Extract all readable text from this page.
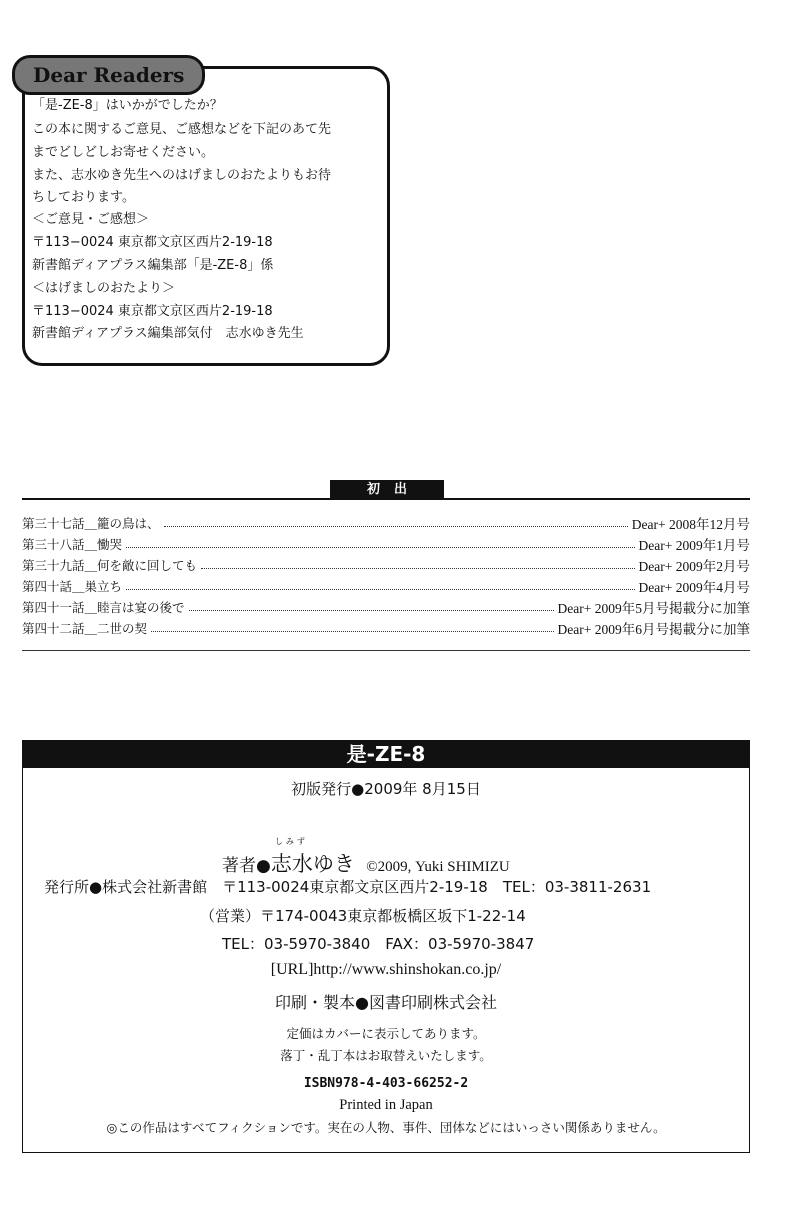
Dear Readers
「是-ZE-8」はいかがでしたか？
この本に関するご意見、ご感想などを下記のあて先
までどしどしお寄せください。
また、志水ゆき先生へのはげましのおたよりもお待
ちしております。
＜ご意見・ご感想＞
〒113−0024 東京都文京区西片2-19-18
新書館ディアプラス編集部「是-ZE-8」係
＜はげましのおたより＞
〒113−0024 東京都文京区西片2-19-18
新書館ディアプラス編集部気付　志水ゆき先生
初出
第三十七話＿籠の鳥は、	Dear+ 2008年12月号
第三十八話＿慟哭	Dear+ 2009年1月号
第三十九話＿何を敵に回しても	Dear+ 2009年2月号
第四十話＿巣立ち	Dear+ 2009年4月号
第四十一話＿睦言は宴の後で	Dear+ 2009年5月号掲載分に加筆
第四十二話＿二世の契	Dear+ 2009年6月号掲載分に加筆
是-ZE-8
初版発行●2009年 8月15日
著者●
しみず
志水ゆき ©2009, Yuki SHIMIZU
発行所●株式会社新書館　〒113-0024東京都文京区西片2-19-18　TEL：03-3811-2631
（営業）〒174-0043東京都板橋区坂下1-22-14
TEL：03-5970-3840　FAX：03-5970-3847
[URL]http://www.shinshokan.co.jp/
印刷・製本●図書印刷株式会社
定価はカバーに表示してあります。
落丁・乱丁本はお取替えいたします。
ISBN978-4-403-66252-2
Printed in Japan
◎この作品はすべてフィクションです。実在の人物、事件、団体などにはいっさい関係ありません。
